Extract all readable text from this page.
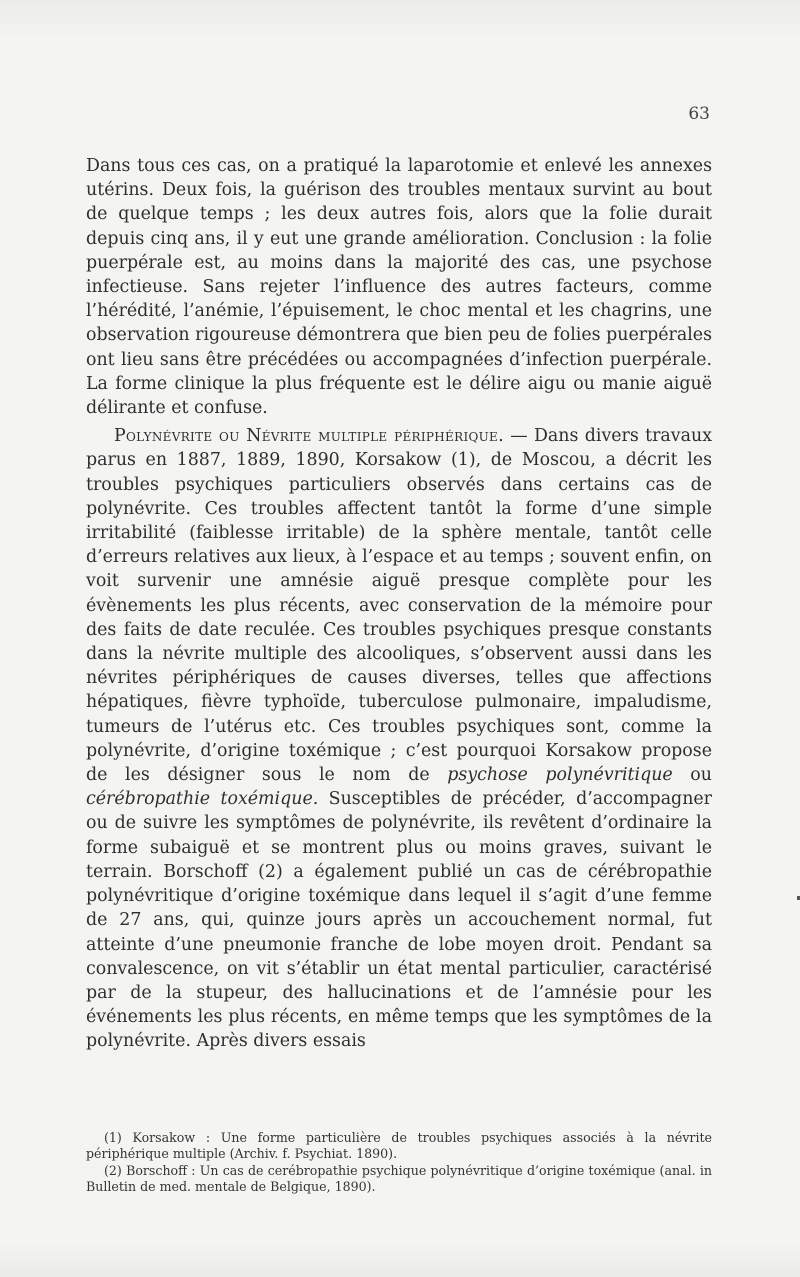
63

Dans tous ces cas, on a pratiqué la laparotomie et enlevé les annexes utérins. Deux fois, la guérison des troubles mentaux survint au bout de quelque temps ; les deux autres fois, alors que la folie durait depuis cinq ans, il y eut une grande amélioration. Conclusion : la folie puerpérale est, au moins dans la majorité des cas, une psychose infectieuse. Sans rejeter l’influence des autres facteurs, comme l’hérédité, l’anémie, l’épuisement, le choc mental et les chagrins, une observation rigoureuse démontrera que bien peu de folies puerpérales ont lieu sans être précédées ou accompagnées d’infection puerpérale. La forme clinique la plus fréquente est le délire aigu ou manie aiguë délirante et confuse.

Polynévrite ou Névrite multiple périphérique. — Dans divers travaux parus en 1887, 1889, 1890, Korsakow (1), de Moscou, a décrit les troubles psychiques particuliers observés dans certains cas de polynévrite. Ces troubles affectent tantôt la forme d’une simple irritabilité (faiblesse irritable) de la sphère mentale, tantôt celle d’erreurs relatives aux lieux, à l’espace et au temps ; souvent enfin, on voit survenir une amnésie aiguë presque complète pour les évènements les plus récents, avec conservation de la mémoire pour des faits de date reculée. Ces troubles psychiques presque constants dans la névrite multiple des alcooliques, s’observent aussi dans les névrites périphériques de causes diverses, telles que affections hépatiques, fièvre typhoïde, tuberculose pulmonaire, impaludisme, tumeurs de l’utérus etc. Ces troubles psychiques sont, comme la polynévrite, d’origine toxémique ; c’est pourquoi Korsakow propose de les désigner sous le nom de psychose polynévritique ou cérébropathie toxémique. Susceptibles de précéder, d’accompagner ou de suivre les symptômes de polynévrite, ils revêtent d’ordinaire la forme subaiguë et se montrent plus ou moins graves, suivant le terrain. Borschoff (2) a également publié un cas de cérébropathie polynévritique d’origine toxémique dans lequel il s’agit d’une femme de 27 ans, qui, quinze jours après un accouchement normal, fut atteinte d’une pneumonie franche de lobe moyen droit. Pendant sa convalescence, on vit s’établir un état mental particulier, caractérisé par de la stupeur, des hallucinations et de l’amnésie pour les événements les plus récents, en même temps que les symptômes de la polynévrite. Après divers essais

(1) Korsakow : Une forme particulière de troubles psychiques associés à la névrite périphérique multiple (Archiv. f. Psychiat. 1890).

(2) Borschoff : Un cas de cerébropathie psychique polynévritique d’origine toxémique (anal. in Bulletin de med. mentale de Belgique, 1890).
